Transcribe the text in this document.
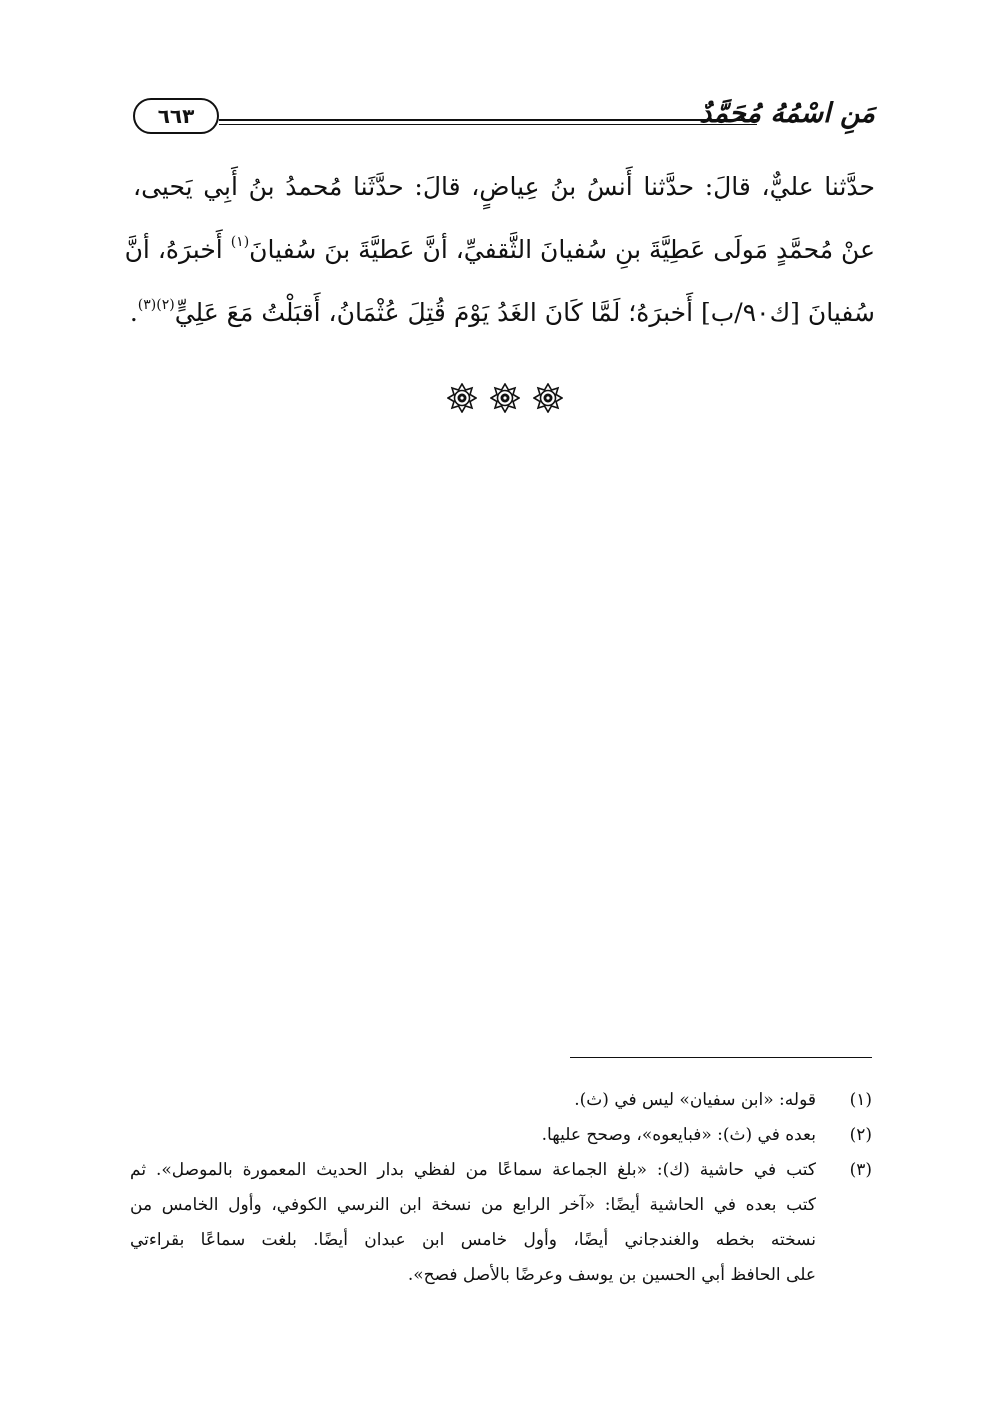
٦٦٣	مَنِ اسْمُهُ مُحَمَّدٌ
حدَّثنا عليٌّ، قالَ: حدَّثنا أَنسُ بنُ عِياضٍ، قالَ: حدَّثَنا مُحمدُ بنُ أَبِي يَحيى،
عنْ مُحمَّدٍ مَولَى عَطِيَّةَ بنِ سُفيانَ الثَّقفيِّ، أنَّ عَطيَّةَ بنَ سُفيانَ$^{(١)}$ أَخبرَهُ، أنَّ
سُفيانَ [ك٩٠/ب] أَخبرَهُ؛ لَمَّا كَانَ الغَدُ يَوْمَ قُتِلَ عُثْمَانُ، أَقبَلْتُ مَعَ عَلِيٍّ$^{(٢)(٣)}$.
(١)
قوله: «ابن سفيان» ليس في (ث).
(٢)
بعده في (ث): «فبايعوه»، وصحح عليها.
(٣)
كتب في حاشية (ك): «بلغ الجماعة سماعًا من لفظي بدار الحديث المعمورة بالموصل». ثم
كتب بعده في الحاشية أيضًا: «آخر الرابع من نسخة ابن النرسي الكوفي، وأول الخامس من
نسخته بخطه والغندجاني أيضًا، وأول خامس ابن عبدان أيضًا. بلغت سماعًا بقراءتي
على الحافظ أبي الحسين بن يوسف وعرضًا بالأصل فصح».
